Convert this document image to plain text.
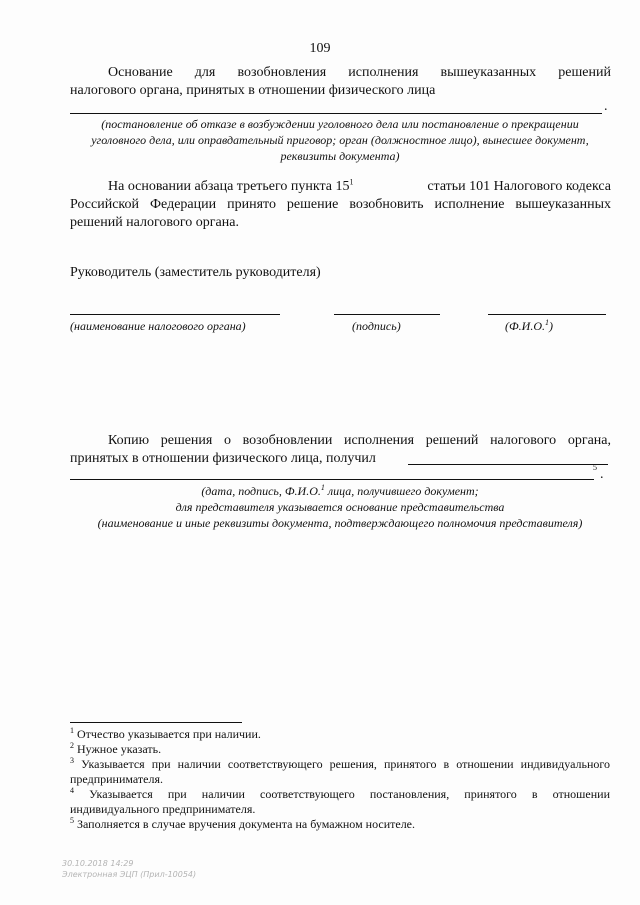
109
Основание для возобновления исполнения вышеуказанных решений
налогового органа, принятых в отношении физического лица
.
(постановление об отказе в возбуждении уголовного дела или постановление о прекращении
уголовного дела, или оправдательный приговор; орган (должностное лицо), вынесшее документ,
реквизиты документа)
На основании абзаца третьего пункта $15^1$	статьи 101 Налогового кодекса
Российской Федерации принято решение возобновить исполнение вышеуказанных
решений налогового органа.
Руководитель (заместитель руководителя)
(наименование налогового органа)	(подпись)	(Ф.И.О.$^1$)
Копию решения о возобновлении исполнения решений налогового органа,
принятых в отношении физического лица, получил
5 .
(дата, подпись, Ф.И.О.$^1$ лица, получившего документ;
для представителя указывается основание представительства
(наименование и иные реквизиты документа, подтверждающего полномочия представителя)
$^1$ Отчество указывается при наличии.
$^2$ Нужное указать.
$^3$ Указывается при наличии соответствующего решения, принятого в отношении индивидуального
предпринимателя.
$^4$ Указывается при наличии соответствующего постановления, принятого в отношении
индивидуального предпринимателя.
$^5$ Заполняется в случае вручения документа на бумажном носителе.
30.10.2018 14:29
Электронная ЭЦП (Прил-10054)
